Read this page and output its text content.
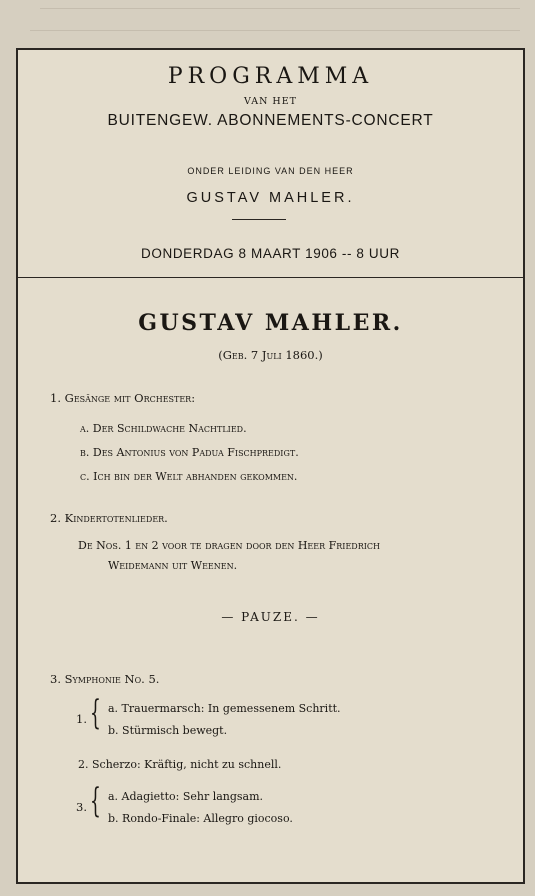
PROGRAMMA
VAN HET
BUITENGEW. ABONNEMENTS-CONCERT
ONDER LEIDING VAN DEN HEER
GUSTAV MAHLER.
DONDERDAG 8 MAART 1906 -- 8 UUR
GUSTAV MAHLER.
(Geb. 7 Juli 1860.)
1. Gesänge mit Orchester:
a. Der Schildwache Nachtlied.
b. Des Antonius von Padua Fischpredigt.
c. Ich bin der Welt abhanden gekommen.
2. Kindertotenlieder.
De Nos. 1 en 2 voor te dragen door den Heer Friedrich
Weidemann uit Weenen.
— PAUZE. —
3. Symphonie No. 5.
1. { a. Trauermarsch: In gemessenem Schritt.
b. Stürmisch bewegt.
2. Scherzo: Kräftig, nicht zu schnell.
3. { a. Adagietto: Sehr langsam.
b. Rondo-Finale: Allegro giocoso.
